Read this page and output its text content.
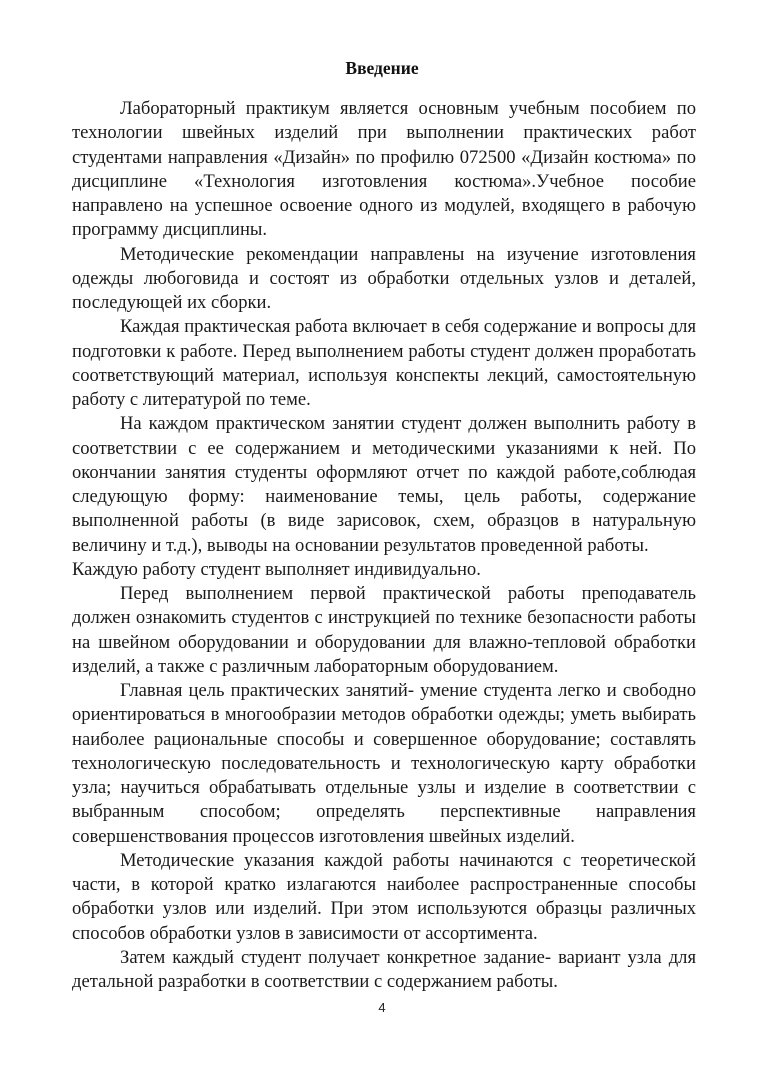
Введение

Лабораторный практикум является основным учебным пособием по технологии швейных изделий при выполнении практических работ студентами направления «Дизайн» по профилю 072500 «Дизайн костюма» по дисциплине «Технология изготовления костюма».Учебное пособие направлено на успешное освоение одного из модулей, входящего в рабочую программу дисциплины.

Методические рекомендации направлены на изучение изготовления одежды любоговида и состоят из обработки отдельных узлов и деталей, последующей их сборки.

Каждая практическая работа включает в себя содержание и вопросы для подготовки к работе. Перед выполнением работы студент должен проработать соответствующий материал, используя конспекты лекций, самостоятельную работу с литературой по теме.

На каждом практическом занятии студент должен выполнить работу в соответствии с ее содержанием и методическими указаниями к ней. По окончании занятия студенты оформляют отчет по каждой работе,соблюдая следующую форму: наименование темы, цель работы, содержание выполненной работы (в виде зарисовок, схем, образцов в натуральную величину и т.д.), выводы на основании результатов проведенной работы.

Каждую работу студент выполняет индивидуально.

Перед выполнением первой практической работы преподаватель должен ознакомить студентов с инструкцией по технике безопасности работы на швейном оборудовании и оборудовании для влажно-тепловой обработки изделий, а также с различным лабораторным оборудованием.

Главная цель практических занятий- умение студента легко и свободно ориентироваться в многообразии методов обработки одежды; уметь выбирать наиболее рациональные способы и совершенное оборудование; составлять технологическую последовательность и технологическую карту обработки узла; научиться обрабатывать отдельные узлы и изделие в соответствии с выбранным способом; определять перспективные направления совершенствования процессов изготовления швейных изделий.

Методические указания каждой работы начинаются с теоретической части, в которой кратко излагаются наиболее распространенные способы обработки узлов или изделий. При этом используются образцы различных способов обработки узлов в зависимости от ассортимента.

Затем каждый студент получает конкретное задание- вариант узла для детальной разработки в соответствии с содержанием работы.

4
